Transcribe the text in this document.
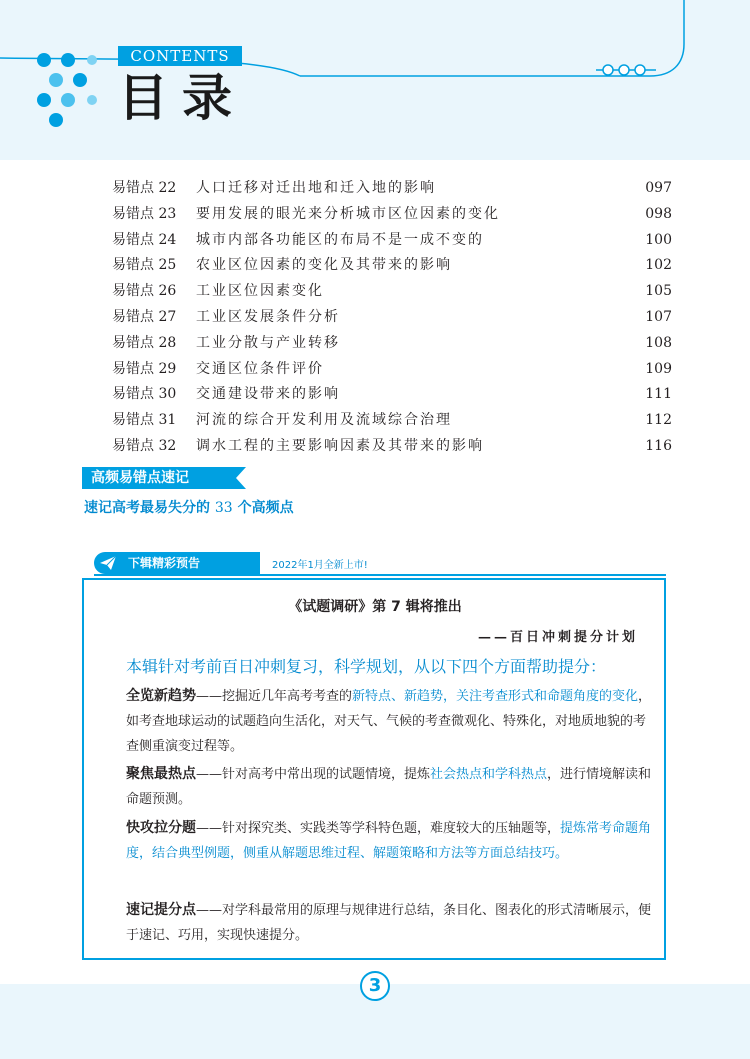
CONTENTS
目录
易错点 22	人口迁移对迁出地和迁入地的影响	097
易错点 23	要用发展的眼光来分析城市区位因素的变化	098
易错点 24	城市内部各功能区的布局不是一成不变的	100
易错点 25	农业区位因素的变化及其带来的影响	102
易错点 26	工业区位因素变化	105
易错点 27	工业区发展条件分析	107
易错点 28	工业分散与产业转移	108
易错点 29	交通区位条件评价	109
易错点 30	交通建设带来的影响	111
易错点 31	河流的综合开发利用及流域综合治理	112
易错点 32	调水工程的主要影响因素及其带来的影响	116
高频易错点速记
速记高考最易失分的 33 个高频点
下辑精彩预告	2022年1月全新上市!
《试题调研》第 7 辑将推出
——百日冲刺提分计划
本辑针对考前百日冲刺复习，科学规划，从以下四个方面帮助提分：
全览新趋势——挖掘近几年高考考查的新特点、新趋势，关注考查形式和命题角度的变化，如考查地球运动的试题趋向生活化，对天气、气候的考查微观化、特殊化，对地质地貌的考查侧重演变过程等。
聚焦最热点——针对高考中常出现的试题情境，提炼社会热点和学科热点，进行情境解读和命题预测。
快攻拉分题——针对探究类、实践类等学科特色题，难度较大的压轴题等，提炼常考命题角度，结合典型例题，侧重从解题思维过程、解题策略和方法等方面总结技巧。
速记提分点——对学科最常用的原理与规律进行总结，条目化、图表化的形式清晰展示，便于速记、巧用，实现快速提分。
3
